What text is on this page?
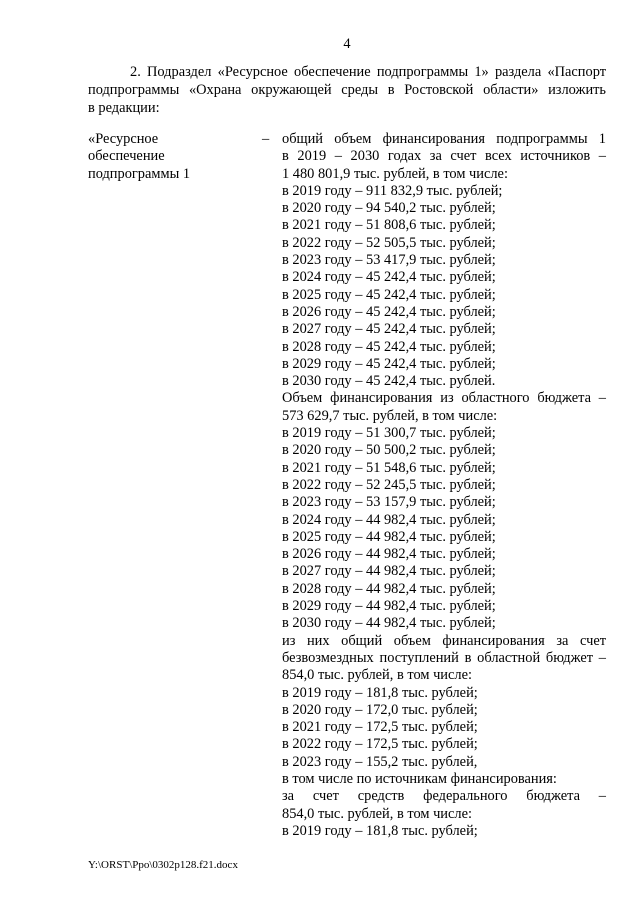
4
2. Подраздел «Ресурсное обеспечение подпрограммы 1» раздела «Паспорт
подпрограммы «Охрана окружающей среды в Ростовской области» изложить
в редакции:
«Ресурсное
обеспечение
подпрограммы 1
– общий объем финансирования подпрограммы 1
в 2019 – 2030 годах за счет всех источников –
1 480 801,9 тыс. рублей, в том числе:
в 2019 году – 911 832,9 тыс. рублей;
в 2020 году – 94 540,2 тыс. рублей;
в 2021 году – 51 808,6 тыс. рублей;
в 2022 году – 52 505,5 тыс. рублей;
в 2023 году – 53 417,9 тыс. рублей;
в 2024 году – 45 242,4 тыс. рублей;
в 2025 году – 45 242,4 тыс. рублей;
в 2026 году – 45 242,4 тыс. рублей;
в 2027 году – 45 242,4 тыс. рублей;
в 2028 году – 45 242,4 тыс. рублей;
в 2029 году – 45 242,4 тыс. рублей;
в 2030 году – 45 242,4 тыс. рублей.
Объем финансирования из областного бюджета –
573 629,7 тыс. рублей, в том числе:
в 2019 году – 51 300,7 тыс. рублей;
в 2020 году – 50 500,2 тыс. рублей;
в 2021 году – 51 548,6 тыс. рублей;
в 2022 году – 52 245,5 тыс. рублей;
в 2023 году – 53 157,9 тыс. рублей;
в 2024 году – 44 982,4 тыс. рублей;
в 2025 году – 44 982,4 тыс. рублей;
в 2026 году – 44 982,4 тыс. рублей;
в 2027 году – 44 982,4 тыс. рублей;
в 2028 году – 44 982,4 тыс. рублей;
в 2029 году – 44 982,4 тыс. рублей;
в 2030 году – 44 982,4 тыс. рублей;
из них общий объем финансирования за счет
безвозмездных поступлений в областной бюджет –
854,0 тыс. рублей, в том числе:
в 2019 году – 181,8 тыс. рублей;
в 2020 году – 172,0 тыс. рублей;
в 2021 году – 172,5 тыс. рублей;
в 2022 году – 172,5 тыс. рублей;
в 2023 году – 155,2 тыс. рублей,
в том числе по источникам финансирования:
за счет средств федерального бюджета –
854,0 тыс. рублей, в том числе:
в 2019 году – 181,8 тыс. рублей;
Y:\ORST\Ppo\0302p128.f21.docx
